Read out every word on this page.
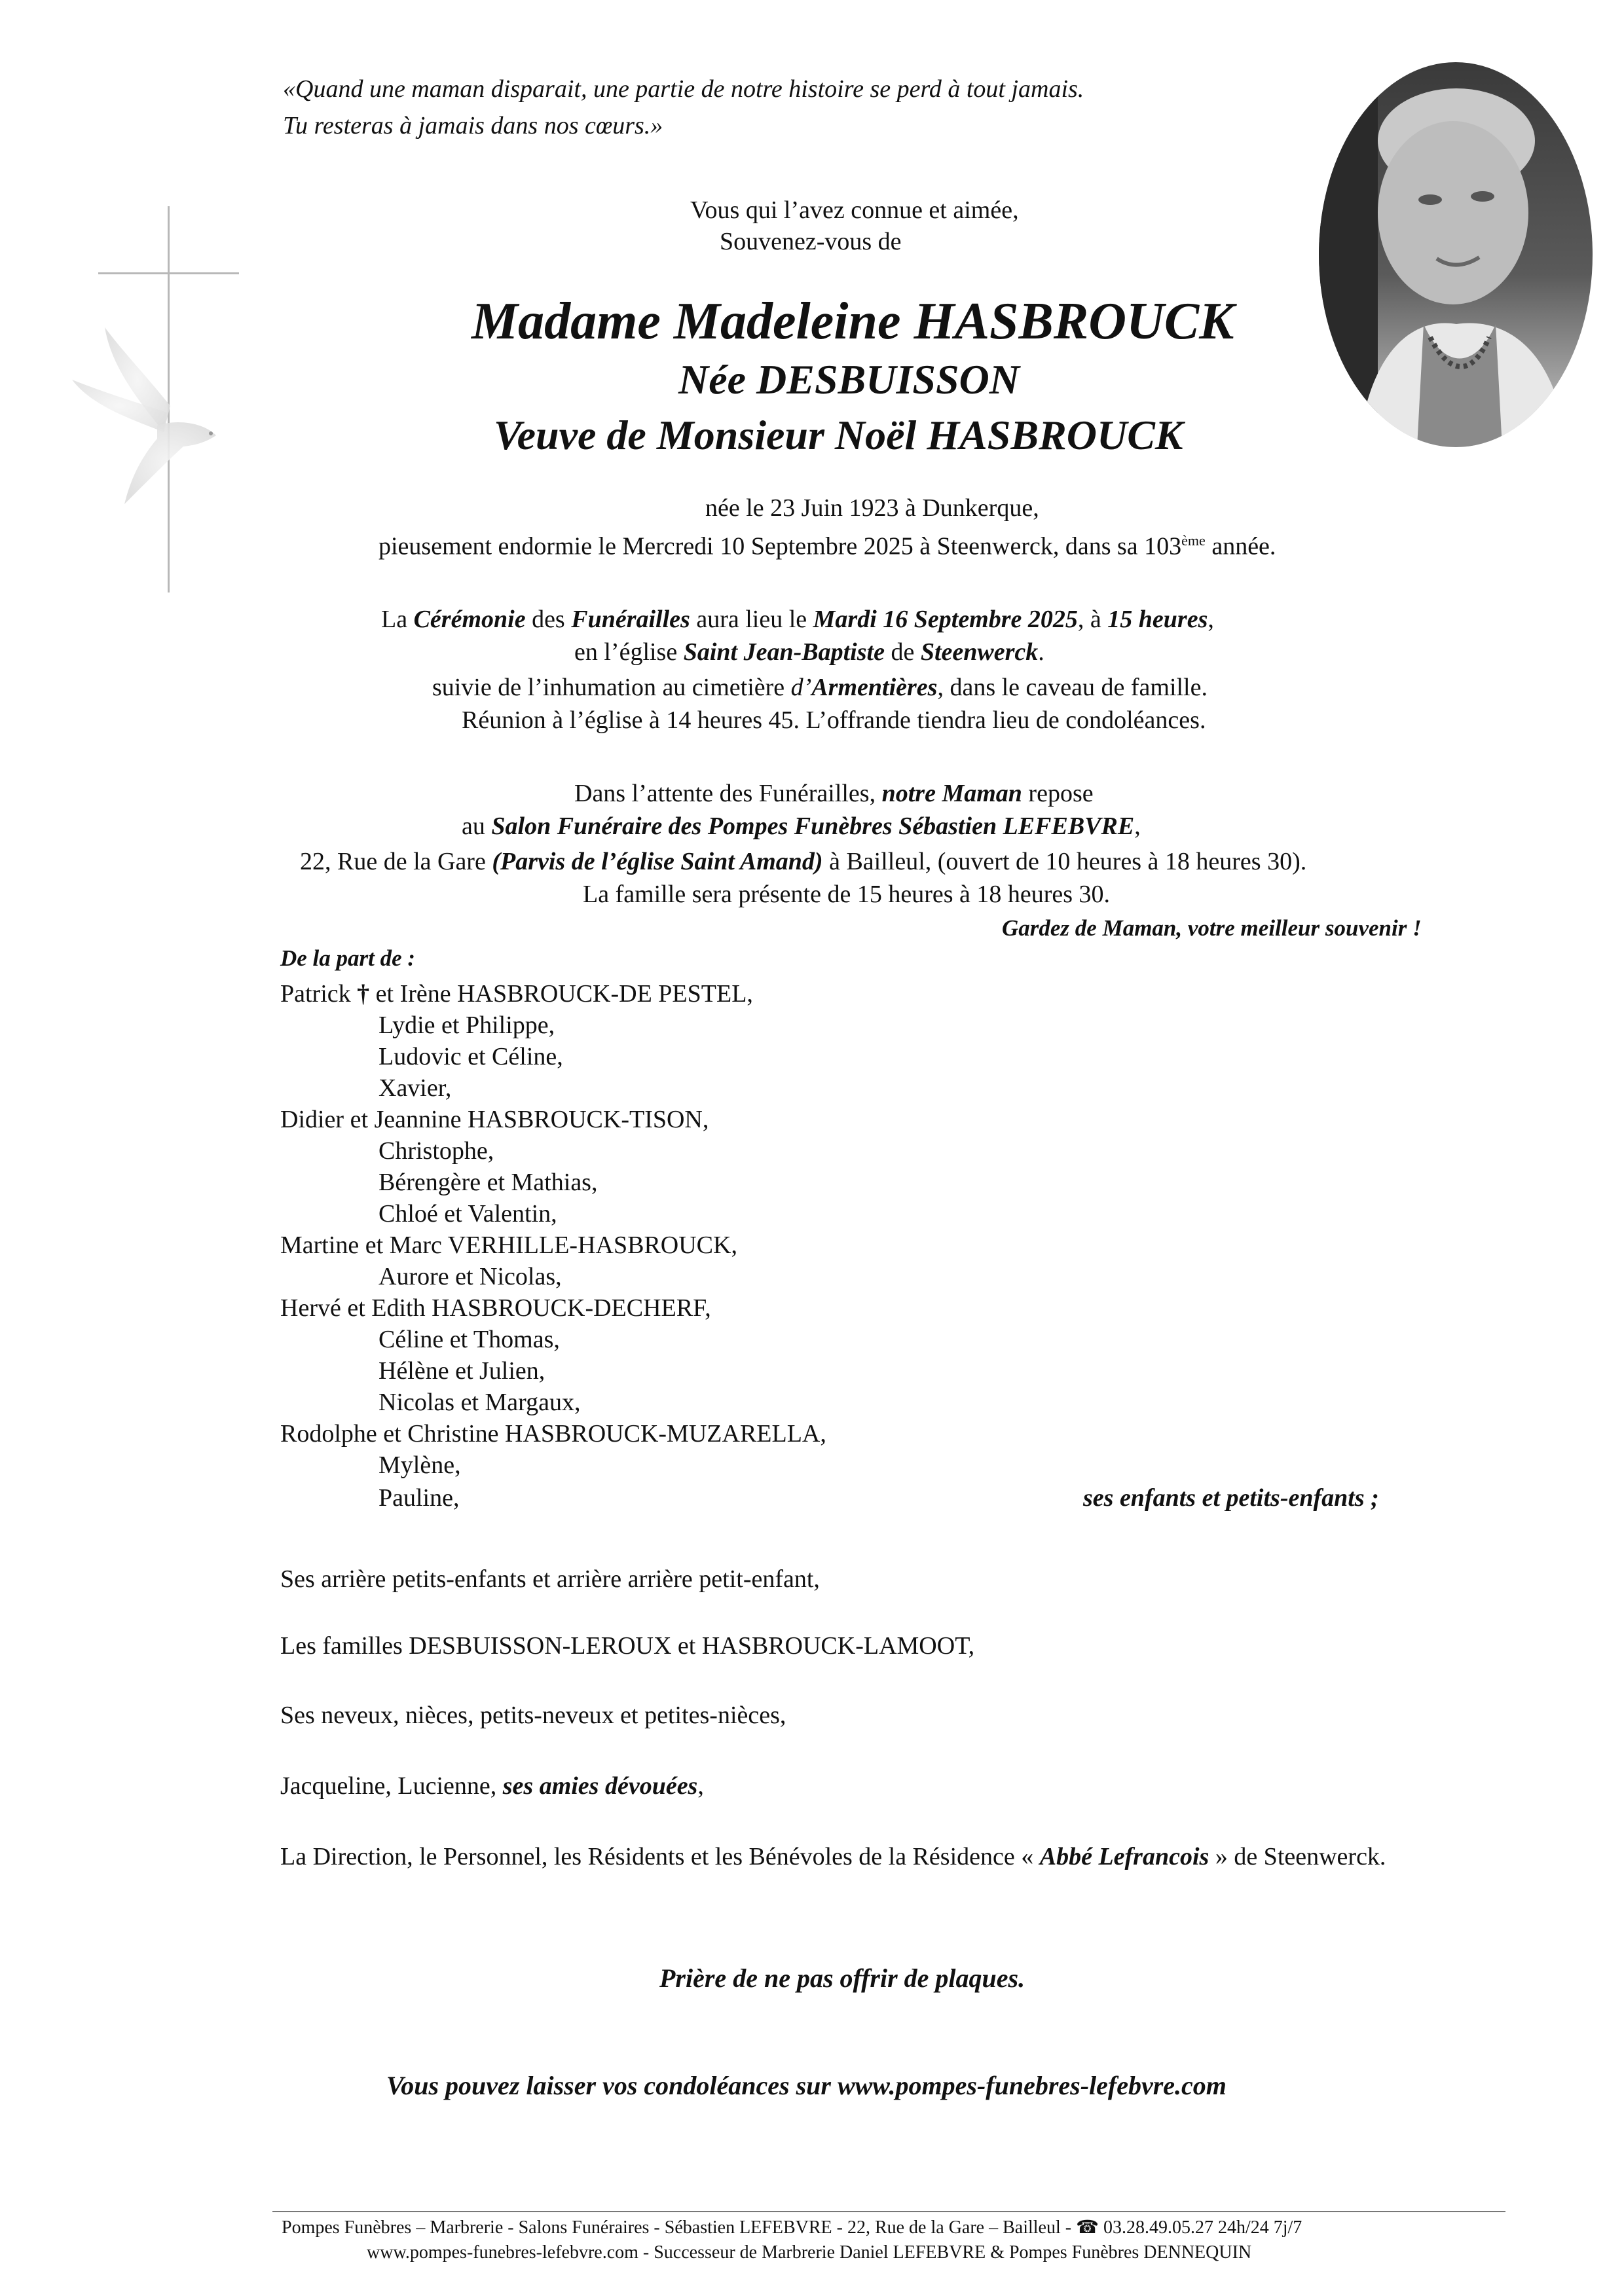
«Quand une maman disparait, une partie de notre histoire se perd à tout jamais.
Tu resteras à jamais dans nos cœurs.»
Vous qui l’avez connue et aimée,
Souvenez-vous de
Madame Madeleine HASBROUCK
Née DESBUISSON
Veuve de Monsieur Noël HASBROUCK
née le 23 Juin 1923 à Dunkerque,
pieusement endormie le Mercredi 10 Septembre 2025 à Steenwerck, dans sa 103ème année.
La Cérémonie des Funérailles aura lieu le Mardi 16 Septembre 2025, à 15 heures,
en l’église Saint Jean-Baptiste de Steenwerck.
suivie de l’inhumation au cimetière d’Armentières, dans le caveau de famille.
Réunion à l’église à 14 heures 45. L’offrande tiendra lieu de condoléances.
Dans l’attente des Funérailles, notre Maman repose
au Salon Funéraire des Pompes Funèbres Sébastien LEFEBVRE,
22, Rue de la Gare (Parvis de l’église Saint Amand) à Bailleul, (ouvert de 10 heures à 18 heures 30).
La famille sera présente de 15 heures à 18 heures 30.
Gardez de Maman, votre meilleur souvenir !
De la part de :
Patrick † et Irène HASBROUCK-DE PESTEL,
Lydie et Philippe,
Ludovic et Céline,
Xavier,
Didier et Jeannine HASBROUCK-TISON,
Christophe,
Bérengère et Mathias,
Chloé et Valentin,
Martine et Marc VERHILLE-HASBROUCK,
Aurore et Nicolas,
Hervé et Edith HASBROUCK-DECHERF,
Céline et Thomas,
Hélène et Julien,
Nicolas et Margaux,
Rodolphe et Christine HASBROUCK-MUZARELLA,
Mylène,
Pauline,	ses enfants et petits-enfants ;
Ses arrière petits-enfants et arrière arrière petit-enfant,
Les familles DESBUISSON-LEROUX et HASBROUCK-LAMOOT,
Ses neveux, nièces, petits-neveux et petites-nièces,
Jacqueline, Lucienne, ses amies dévouées,
La Direction, le Personnel, les Résidents et les Bénévoles de la Résidence « Abbé Lefrancois » de Steenwerck.
Prière de ne pas offrir de plaques.
Vous pouvez laisser vos condoléances sur www.pompes-funebres-lefebvre.com
Pompes Funèbres – Marbrerie - Salons Funéraires - Sébastien LEFEBVRE - 22, Rue de la Gare – Bailleul - ☎ 03.28.49.05.27 24h/24 7j/7
www.pompes-funebres-lefebvre.com - Successeur de Marbrerie Daniel LEFEBVRE & Pompes Funèbres DENNEQUIN
